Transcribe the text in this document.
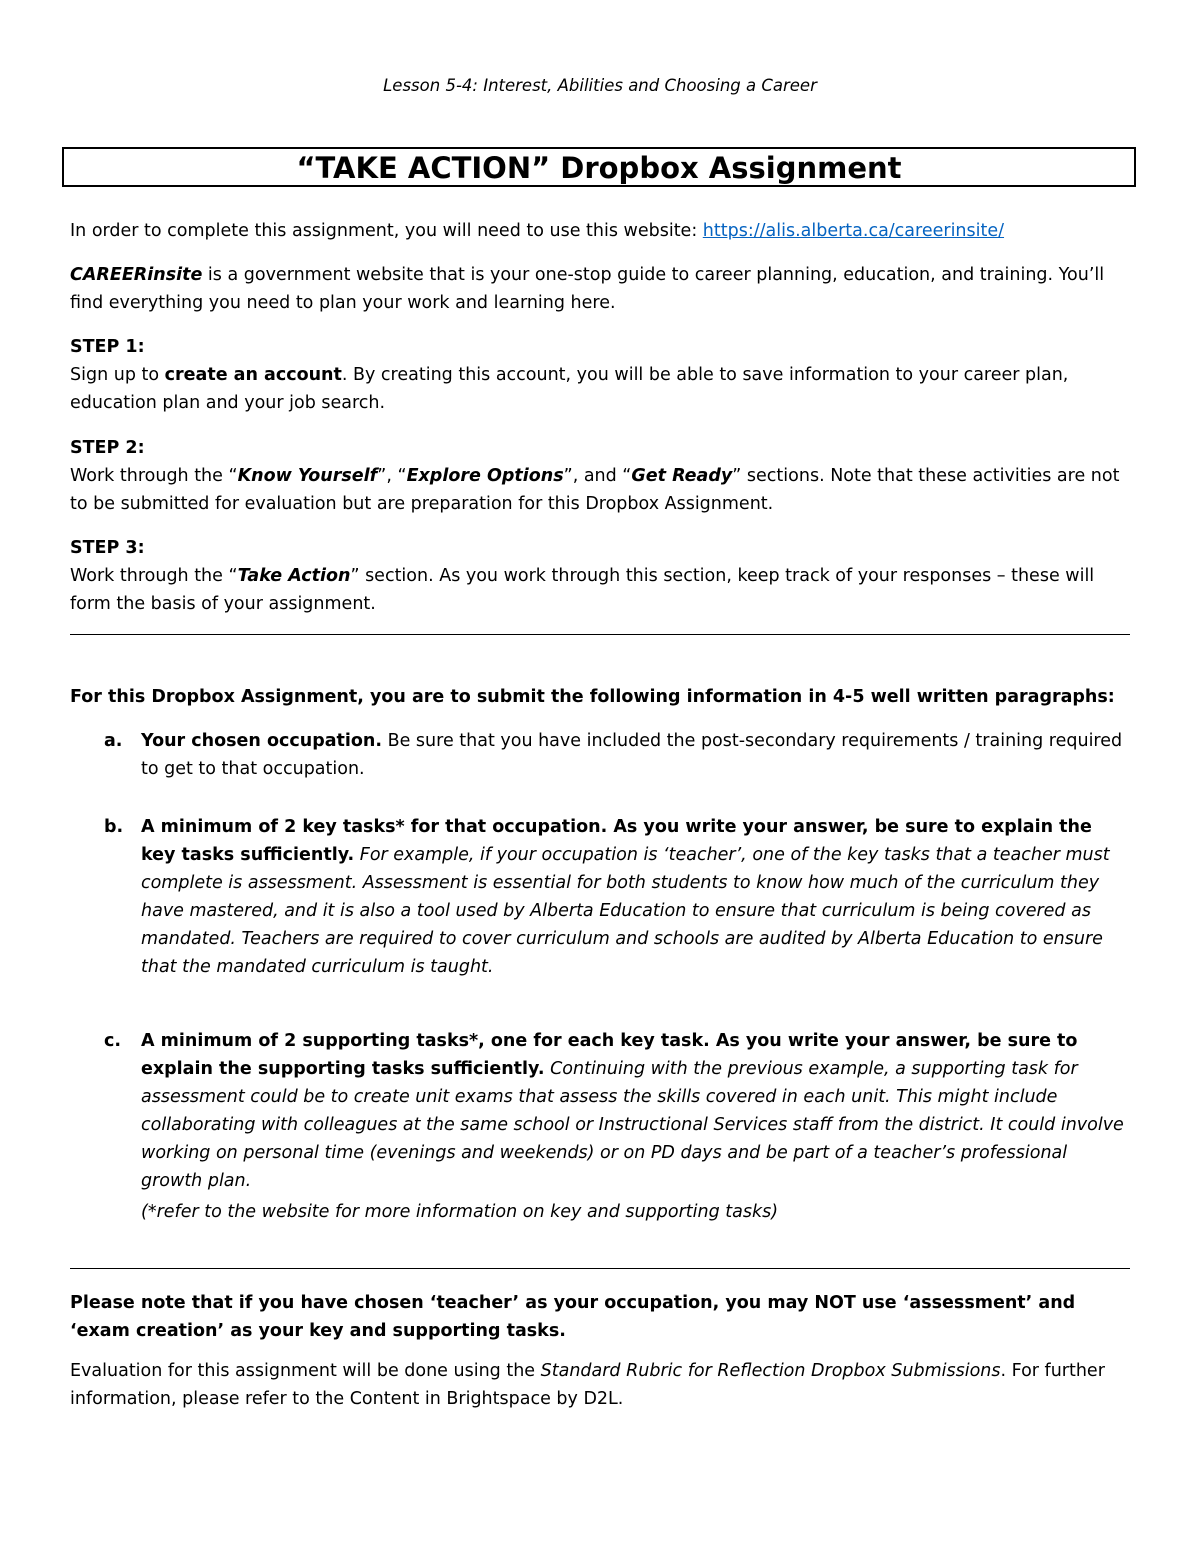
Lesson 5-4: Interest, Abilities and Choosing a Career
“TAKE ACTION” Dropbox Assignment

In order to complete this assignment, you will need to use this website: https://alis.alberta.ca/careerinsite/

CAREERinsite is a government website that is your one-stop guide to career planning, education, and training. You’ll find everything you need to plan your work and learning here.

STEP 1:
Sign up to create an account. By creating this account, you will be able to save information to your career plan, education plan and your job search.

STEP 2:
Work through the “Know Yourself”, “Explore Options”, and “Get Ready” sections. Note that these activities are not to be submitted for evaluation but are preparation for this Dropbox Assignment.

STEP 3:
Work through the “Take Action” section. As you work through this section, keep track of your responses – these will form the basis of your assignment.

For this Dropbox Assignment, you are to submit the following information in 4-5 well written paragraphs:

a. Your chosen occupation. Be sure that you have included the post-secondary requirements / training required to get to that occupation.
b. A minimum of 2 key tasks* for that occupation. As you write your answer, be sure to explain the key tasks sufficiently. For example, if your occupation is ‘teacher’, one of the key tasks that a teacher must complete is assessment. Assessment is essential for both students to know how much of the curriculum they have mastered, and it is also a tool used by Alberta Education to ensure that curriculum is being covered as mandated. Teachers are required to cover curriculum and schools are audited by Alberta Education to ensure that the mandated curriculum is taught.
c. A minimum of 2 supporting tasks*, one for each key task. As you write your answer, be sure to explain the supporting tasks sufficiently. Continuing with the previous example, a supporting task for assessment could be to create unit exams that assess the skills covered in each unit. This might include collaborating with colleagues at the same school or Instructional Services staff from the district. It could involve working on personal time (evenings and weekends) or on PD days and be part of a teacher’s professional growth plan.

(*refer to the website for more information on key and supporting tasks)

Please note that if you have chosen ‘teacher’ as your occupation, you may NOT use ‘assessment’ and ‘exam creation’ as your key and supporting tasks.

Evaluation for this assignment will be done using the Standard Rubric for Reflection Dropbox Submissions. For further information, please refer to the Content in Brightspace by D2L.
